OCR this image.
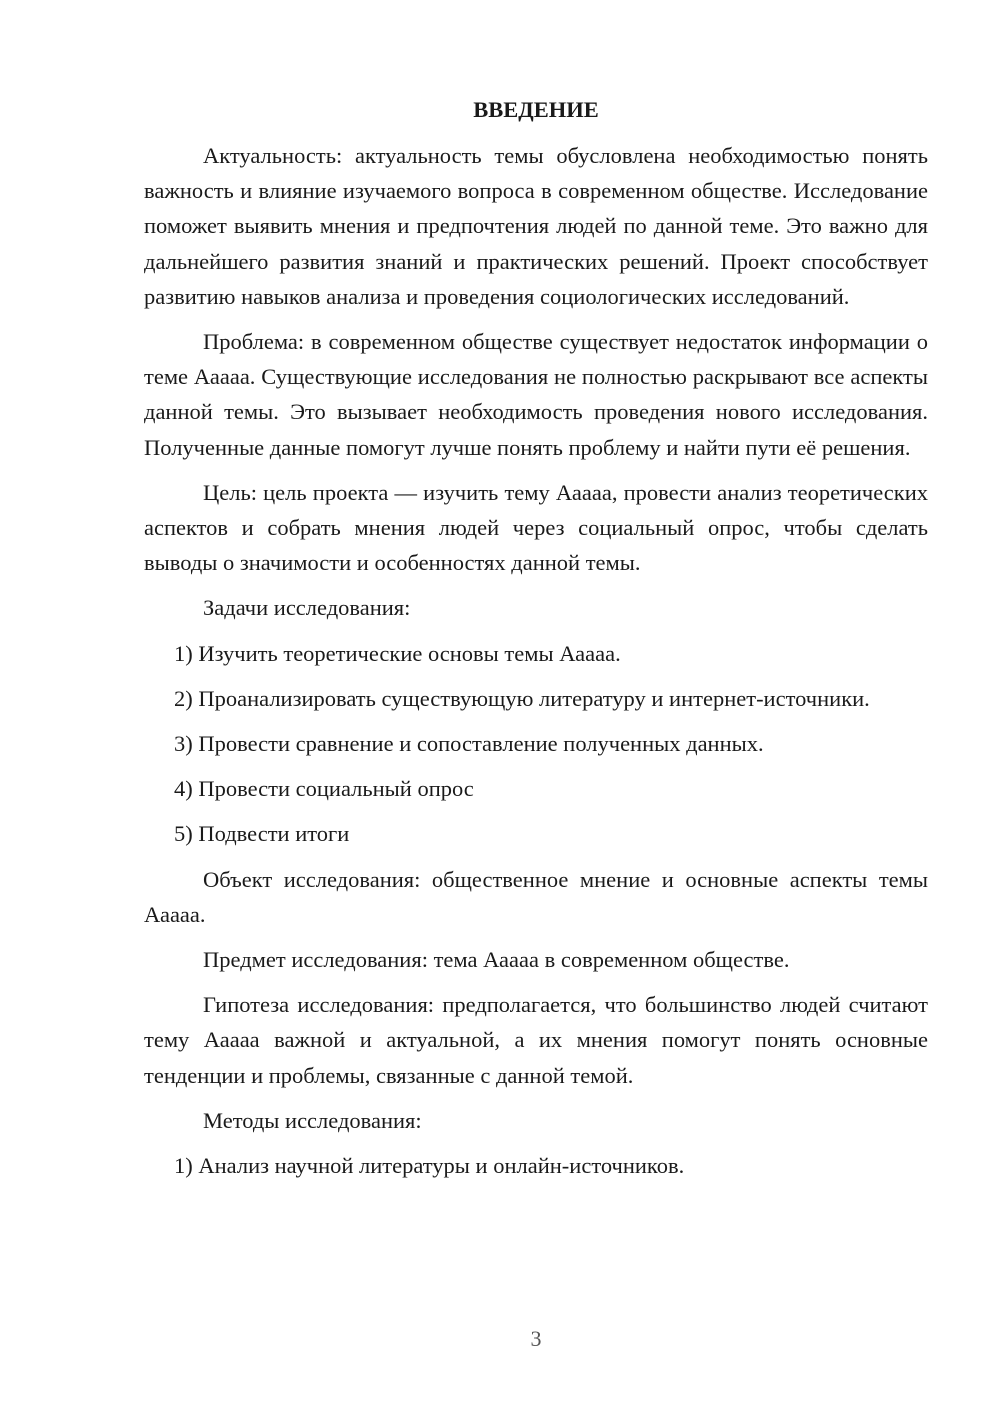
ВВЕДЕНИЕ

Актуальность: актуальность темы обусловлена необходимостью понять важность и влияние изучаемого вопроса в современном обществе. Исследование поможет выявить мнения и предпочтения людей по данной теме. Это важно для дальнейшего развития знаний и практических решений. Проект способствует развитию навыков анализа и проведения социологических исследований.

Проблема: в современном обществе существует недостаток информации о теме Ааааа. Существующие исследования не полностью раскрывают все аспекты данной темы. Это вызывает необходимость проведения нового исследования. Полученные данные помогут лучше понять проблему и найти пути её решения.

Цель: цель проекта — изучить тему Ааааа, провести анализ теоретических аспектов и собрать мнения людей через социальный опрос, чтобы сделать выводы о значимости и особенностях данной темы.

Задачи исследования:

1) Изучить теоретические основы темы Ааааа.

2) Проанализировать существующую литературу и интернет-источники.

3) Провести сравнение и сопоставление полученных данных.

4) Провести социальный опрос

5) Подвести итоги

Объект исследования: общественное мнение и основные аспекты темы Ааааа.

Предмет исследования: тема Ааааа в современном обществе.

Гипотеза исследования: предполагается, что большинство людей считают тему Ааааа важной и актуальной, а их мнения помогут понять основные тенденции и проблемы, связанные с данной темой.

Методы исследования:

1) Анализ научной литературы и онлайн-источников.

3
